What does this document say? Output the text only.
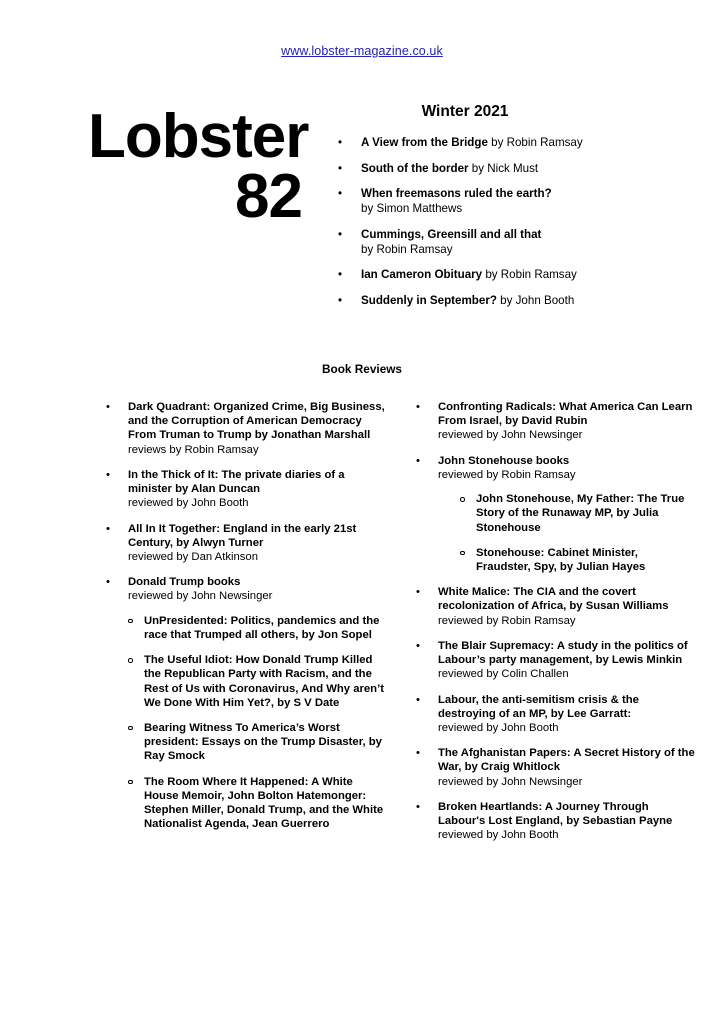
www.lobster-magazine.co.uk
Lobster
82
Winter 2021
• A View from the Bridge by Robin Ramsay
• South of the border by Nick Must
• When freemasons ruled the earth?
by Simon Matthews
• Cummings, Greensill and all that
by Robin Ramsay
• Ian Cameron Obituary by Robin Ramsay
• Suddenly in September? by John Booth
Book Reviews
• Dark Quadrant: Organized Crime, Big Business, and the Corruption of American Democracy From Truman to Trump by Jonathan Marshall
reviews by Robin Ramsay
• In the Thick of It: The private diaries of a minister by Alan Duncan
reviewed by John Booth
• All In It Together: England in the early 21st Century, by Alwyn Turner
reviewed by Dan Atkinson
• Donald Trump books
reviewed by John Newsinger
UnPresidented: Politics, pandemics and the race that Trumped all others, by Jon Sopel
The Useful Idiot: How Donald Trump Killed the Republican Party with Racism, and the Rest of Us with Coronavirus, And Why aren’t We Done With Him Yet?, by S V Date
Bearing Witness To America’s Worst president: Essays on the Trump Disaster, by Ray Smock
The Room Where It Happened: A White House Memoir, John Bolton Hatemonger: Stephen Miller, Donald Trump, and the White Nationalist Agenda, Jean Guerrero
• Confronting Radicals: What America Can Learn From Israel, by David Rubin
reviewed by John Newsinger
• John Stonehouse books
reviewed by Robin Ramsay
John Stonehouse, My Father: The True Story of the Runaway MP, by Julia Stonehouse
Stonehouse: Cabinet Minister, Fraudster, Spy, by Julian Hayes
• White Malice: The CIA and the covert recolonization of Africa, by Susan Williams reviewed by Robin Ramsay
• The Blair Supremacy: A study in the politics of Labour’s party management, by Lewis Minkin reviewed by Colin Challen
• Labour, the anti-semitism crisis & the destroying of an MP, by Lee Garratt:
reviewed by John Booth
• The Afghanistan Papers: A Secret History of the War, by Craig Whitlock
reviewed by John Newsinger
• Broken Heartlands: A Journey Through Labour's Lost England, by Sebastian Payne reviewed by John Booth
